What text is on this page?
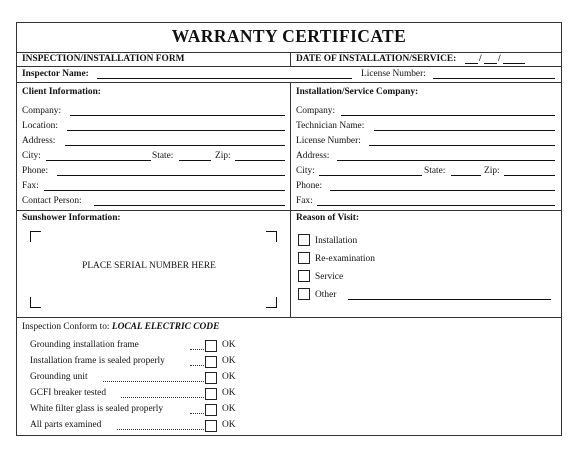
WARRANTY CERTIFICATE
INSPECTION/INSTALLATION FORM	DATE OF INSTALLATION/SERVICE: / /
Inspector Name:	License Number:
Client Information:
Company:
Location:
Address:
City:	State:	Zip:
Phone:
Fax:
Contact Person:
Installation/Service Company:
Company:
Technician Name:
License Number:
Address:
City:	State:	Zip:
Phone:
Fax:
Sunshower Information:
PLACE SERIAL NUMBER HERE
Reason of Visit:
Installation
Re-examination
Service
Other
Inspection Conform to: LOCAL ELECTRIC CODE
Grounding installation frame	OK
Installation frame is sealed properly	OK
Grounding unit	OK
GCFI breaker tested	OK
White filter glass is sealed properly	OK
All parts examined	OK
